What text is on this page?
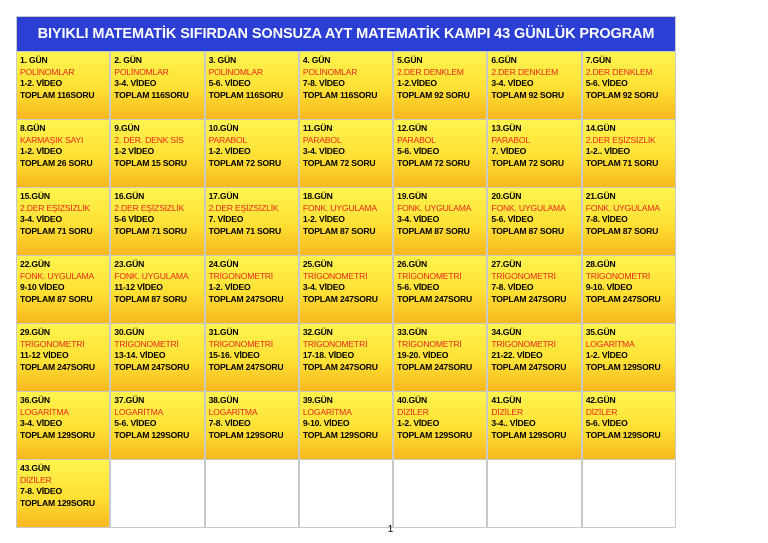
BIYIKLI MATEMATİK SIFIRDAN SONSUZA AYT MATEMATİK KAMPI 43 GÜNLÜK PROGRAM
1. GÜN
POLİNOMLAR
1-2. VİDEO
TOPLAM 116SORU
2. GÜN
POLİNOMLAR
3-4. VİDEO
TOPLAM 116SORU
3. GÜN
POLİNOMLAR
5-6. VİDEO
TOPLAM 116SORU
4. GÜN
POLİNOMLAR
7-8. VİDEO
TOPLAM 116SORU
5.GÜN
2.DER DENKLEM
1-2.VİDEO
TOPLAM 92 SORU
6.GÜN
2.DER DENKLEM
3-4. VİDEO
TOPLAM 92 SORU
7.GÜN
2.DER DENKLEM
5-6. VİDEO
TOPLAM 92 SORU
8.GÜN
KARMAŞIK SAYI
1-2. VİDEO
TOPLAM 26 SORU
9.GÜN
2. DER. DENK SİS
1-2 VİDEO
TOPLAM 15 SORU
10.GÜN
PARABOL
1-2. VİDEO
TOPLAM 72 SORU
11.GÜN
PARABOL
3-4. VİDEO
TOPLAM 72 SORU
12.GÜN
PARABOL
5-6. VİDEO
TOPLAM 72 SORU
13.GÜN
PARABOL
7. VİDEO
TOPLAM 72 SORU
14.GÜN
2.DER EŞİZSİZLİK
1-2.. VİDEO
TOPLAM 71 SORU
15.GÜN
2.DER EŞİZSİZLİK
3-4. VİDEO
TOPLAM 71 SORU
16.GÜN
2.DER EŞİZSİZLİK
5-6 VİDEO
TOPLAM 71 SORU
17.GÜN
2.DER EŞİZSİZLİK
7. VİDEO
TOPLAM 71 SORU
18.GÜN
FONK. UYGULAMA
1-2. VİDEO
TOPLAM 87 SORU
19.GÜN
FONK. UYGULAMA
3-4. VİDEO
TOPLAM 87 SORU
20.GÜN
FONK. UYGULAMA
5-6. VİDEO
TOPLAM 87 SORU
21.GÜN
FONK. UYGULAMA
7-8. VİDEO
TOPLAM 87 SORU
22.GÜN
FONK. UYGULAMA
9-10 VİDEO
TOPLAM 87 SORU
23.GÜN
FONK. UYGULAMA
11-12 VİDEO
TOPLAM 87 SORU
24.GÜN
TRİGONOMETRİ
1-2. VİDEO
TOPLAM 247SORU
25.GÜN
TRİGONOMETRİ
3-4. VİDEO
TOPLAM 247SORU
26.GÜN
TRİGONOMETRİ
5-6. VİDEO
TOPLAM 247SORU
27.GÜN
TRİGONOMETRİ
7-8. VİDEO
TOPLAM 247SORU
28.GÜN
TRİGONOMETRİ
9-10. VİDEO
TOPLAM 247SORU
29.GÜN
TRİGONOMETRİ
11-12 VİDEO
TOPLAM 247SORU
30.GÜN
TRİGONOMETRİ
13-14. VİDEO
TOPLAM 247SORU
31.GÜN
TRİGONOMETRİ
15-16. VİDEO
TOPLAM 247SORU
32.GÜN
TRİGONOMETRİ
17-18. VİDEO
TOPLAM 247SORU
33.GÜN
TRİGONOMETRİ
19-20. VİDEO
TOPLAM 247SORU
34.GÜN
TRİGONOMETRİ
21-22. VİDEO
TOPLAM 247SORU
35.GÜN
LOGARİTMA
1-2. VİDEO
TOPLAM 129SORU
36.GÜN
LOGARİTMA
3-4. VİDEO
TOPLAM 129SORU
37.GÜN
LOGARİTMA
5-6. VİDEO
TOPLAM 129SORU
38.GÜN
LOGARİTMA
7-8. VİDEO
TOPLAM 129SORU
39.GÜN
LOGARİTMA
9-10. VİDEO
TOPLAM 129SORU
40.GÜN
DİZİLER
1-2. VİDEO
TOPLAM 129SORU
41.GÜN
DİZİLER
3-4.. VİDEO
TOPLAM 129SORU
42.GÜN
DİZİLER
5-6. VİDEO
TOPLAM 129SORU
43.GÜN
DİZİLER
7-8. VİDEO
TOPLAM 129SORU
1
